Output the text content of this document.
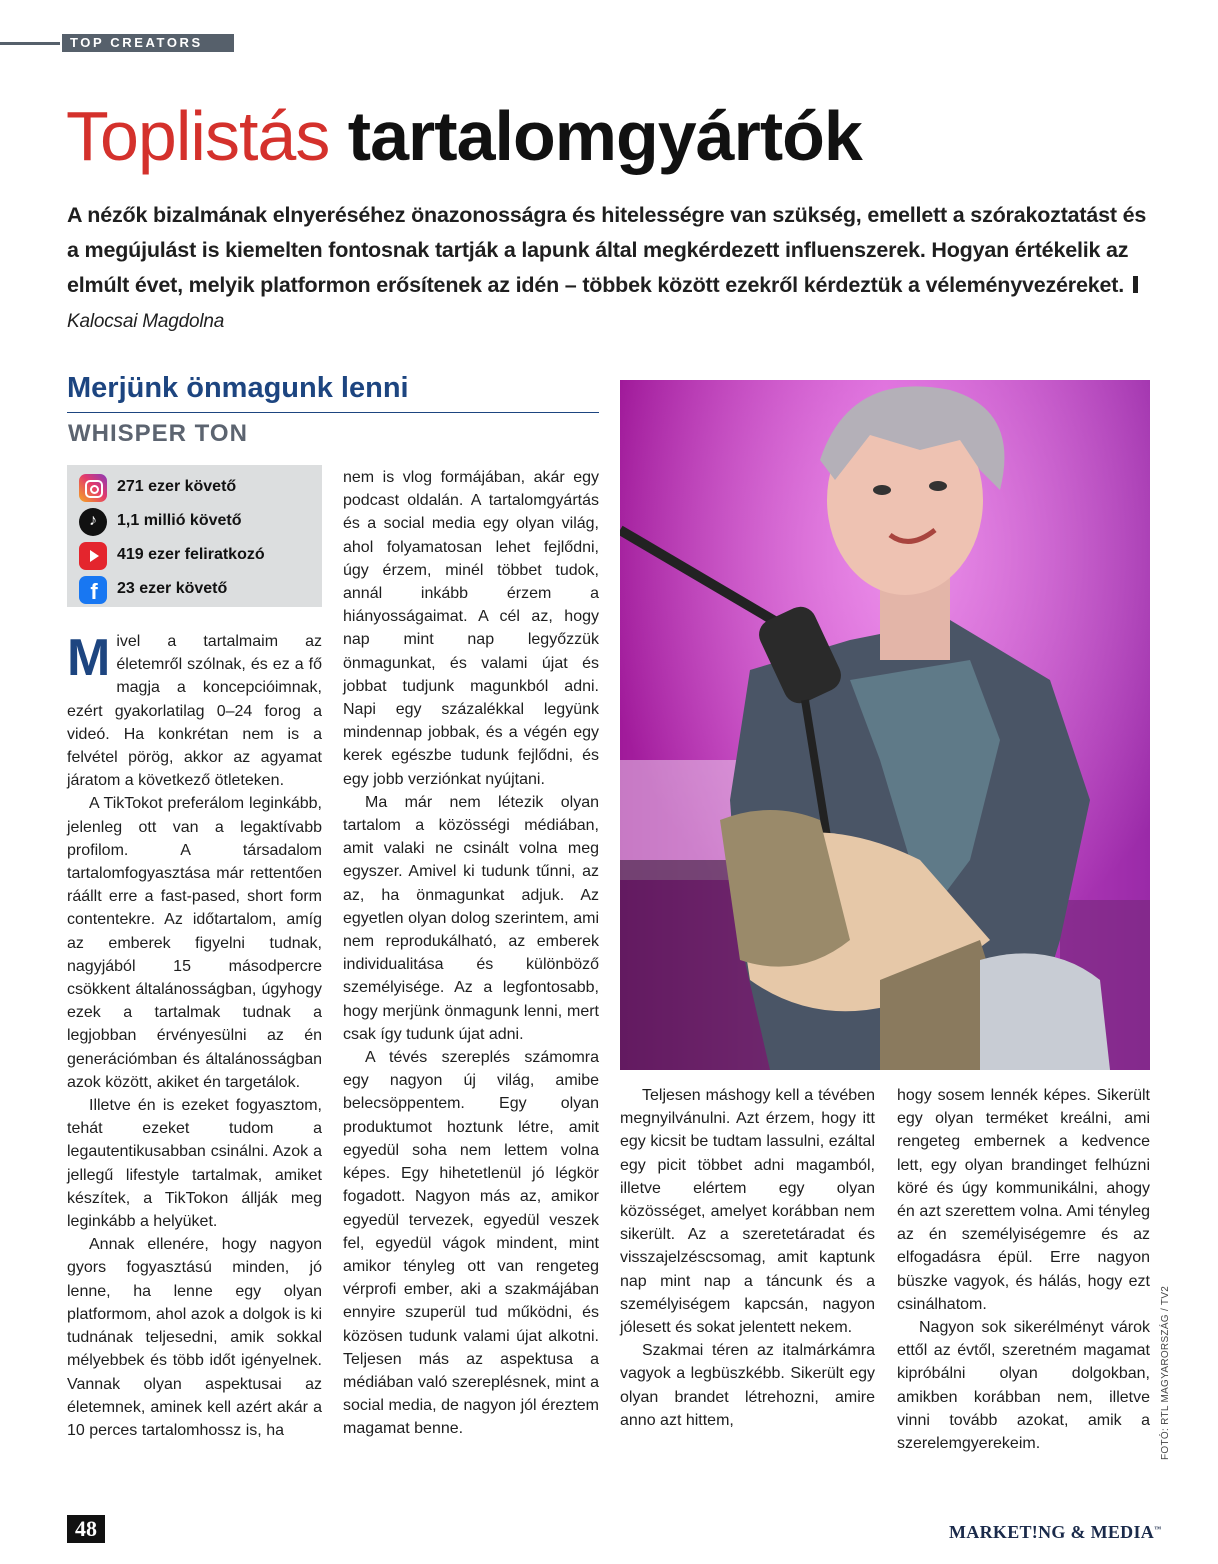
TOP CREATORS
Toplistás tartalomgyártók
A nézők bizalmának elnyeréséhez önazonosságra és hitelességre van szükség, emellett a szórakoztatást és a megújulást is kiemelten fontosnak tartják a lapunk által megkérdezett influenszerek. Hogyan értékelik az elmúlt évet, melyik platformon erősítenek az idén – többek között ezekről kérdeztük a véleményvezéreket.  Kalocsai Magdolna
Merjünk önmagunk lenni
WHISPER TON
271 ezer követő
♪
1,1 millió követő
419 ezer feliratkozó
f
23 ezer követő

Mivel a tartalmaim az életemről szólnak, és ez a fő magja a koncepcióimnak, ezért gyakorlatilag 0–24 forog a videó. Ha konkrétan nem is a felvétel pörög, akkor az agyamat járatom a következő ötleteken.

A TikTokot preferálom leginkább, jelenleg ott van a legaktívabb profilom. A társadalom tartalomfogyasztása már rettentően ráállt erre a fast-pased, short form contentekre. Az időtartalom, amíg az emberek figyelni tudnak, nagyjából 15 másodpercre csökkent általánosságban, úgyhogy ezek a tartalmak tudnak a legjobban érvényesülni az én generációmban és általánosságban azok között, akiket én targetálok.

Illetve én is ezeket fogyasztom, tehát ezeket tudom a legautentikusabban csinálni. Azok a jellegű lifestyle tartalmak, amiket készítek, a TikTokon állják meg leginkább a helyüket.

Annak ellenére, hogy nagyon gyors fogyasztású minden, jó lenne, ha lenne egy olyan platformom, ahol azok a dolgok is ki tudnának teljesedni, amik sokkal mélyebbek és több időt igényelnek. Vannak olyan aspektusai az életemnek, aminek kell azért akár a 10 perces tartalomhossz is, ha

nem is vlog formájában, akár egy podcast oldalán. A tartalomgyártás és a social media egy olyan világ, ahol folyamatosan lehet fejlődni, úgy érzem, minél többet tudok, annál inkább érzem a hiányosságaimat. A cél az, hogy nap mint nap legyőzzük önmagunkat, és valami újat és jobbat tudjunk magunkból adni. Napi egy százalékkal legyünk mindennap jobbak, és a végén egy kerek egészbe tudunk fejlődni, és egy jobb verziónkat nyújtani.

Ma már nem létezik olyan tartalom a közösségi médiában, amit valaki ne csinált volna meg egyszer. Amivel ki tudunk tűnni, az az, ha önmagunkat adjuk. Az egyetlen olyan dolog szerintem, ami nem reprodukálható, az emberek individualitása és különböző személyisége. Az a legfontosabb, hogy merjünk önmagunk lenni, mert csak így tudunk újat adni.

A tévés szereplés számomra egy nagyon új világ, amibe belecsöppentem. Egy olyan produktumot hoztunk létre, amit egyedül soha nem lettem volna képes. Egy hihetetlenül jó légkör fogadott. Nagyon más az, amikor egyedül tervezek, egyedül veszek fel, egyedül vágok mindent, mint amikor tényleg ott van rengeteg vérprofi ember, aki a szakmájában ennyire szuperül tud működni, és közösen tudunk valami újat alkotni. Teljesen más az aspektusa a médiában való szereplésnek, mint a social media, de nagyon jól éreztem magamat benne.

Teljesen máshogy kell a tévében megnyilvánulni. Azt érzem, hogy itt egy kicsit be tudtam lassulni, ezáltal egy picit többet adni magamból, illetve elértem egy olyan közösséget, amelyet korábban nem sikerült. Az a szeretetáradat és visszajelzéscsomag, amit kaptunk nap mint nap a táncunk és a személyiségem kapcsán, nagyon jólesett és sokat jelentett nekem.

Szakmai téren az italmárkámra vagyok a legbüszkébb. Sikerült egy olyan brandet létrehozni, amire anno azt hittem,

hogy sosem lennék képes. Sikerült egy olyan terméket kreálni, ami rengeteg embernek a kedvence lett, egy olyan brandinget felhúzni köré és úgy kommunikálni, ahogy én azt szerettem volna. Ami tényleg az én személyiségemre és az elfogadásra épül. Erre nagyon büszke vagyok, és hálás, hogy ezt csinálhatom.

Nagyon sok sikerélményt várok ettől az évtől, szeretném magamat kipróbálni olyan dolgokban, amikben korábban nem, illetve vinni tovább azokat, amik a szerelemgyerekeim.	FOTÓ: RTL MAGYARORSZÁG / TV2
48	MARKET!NG & MEDIA™
